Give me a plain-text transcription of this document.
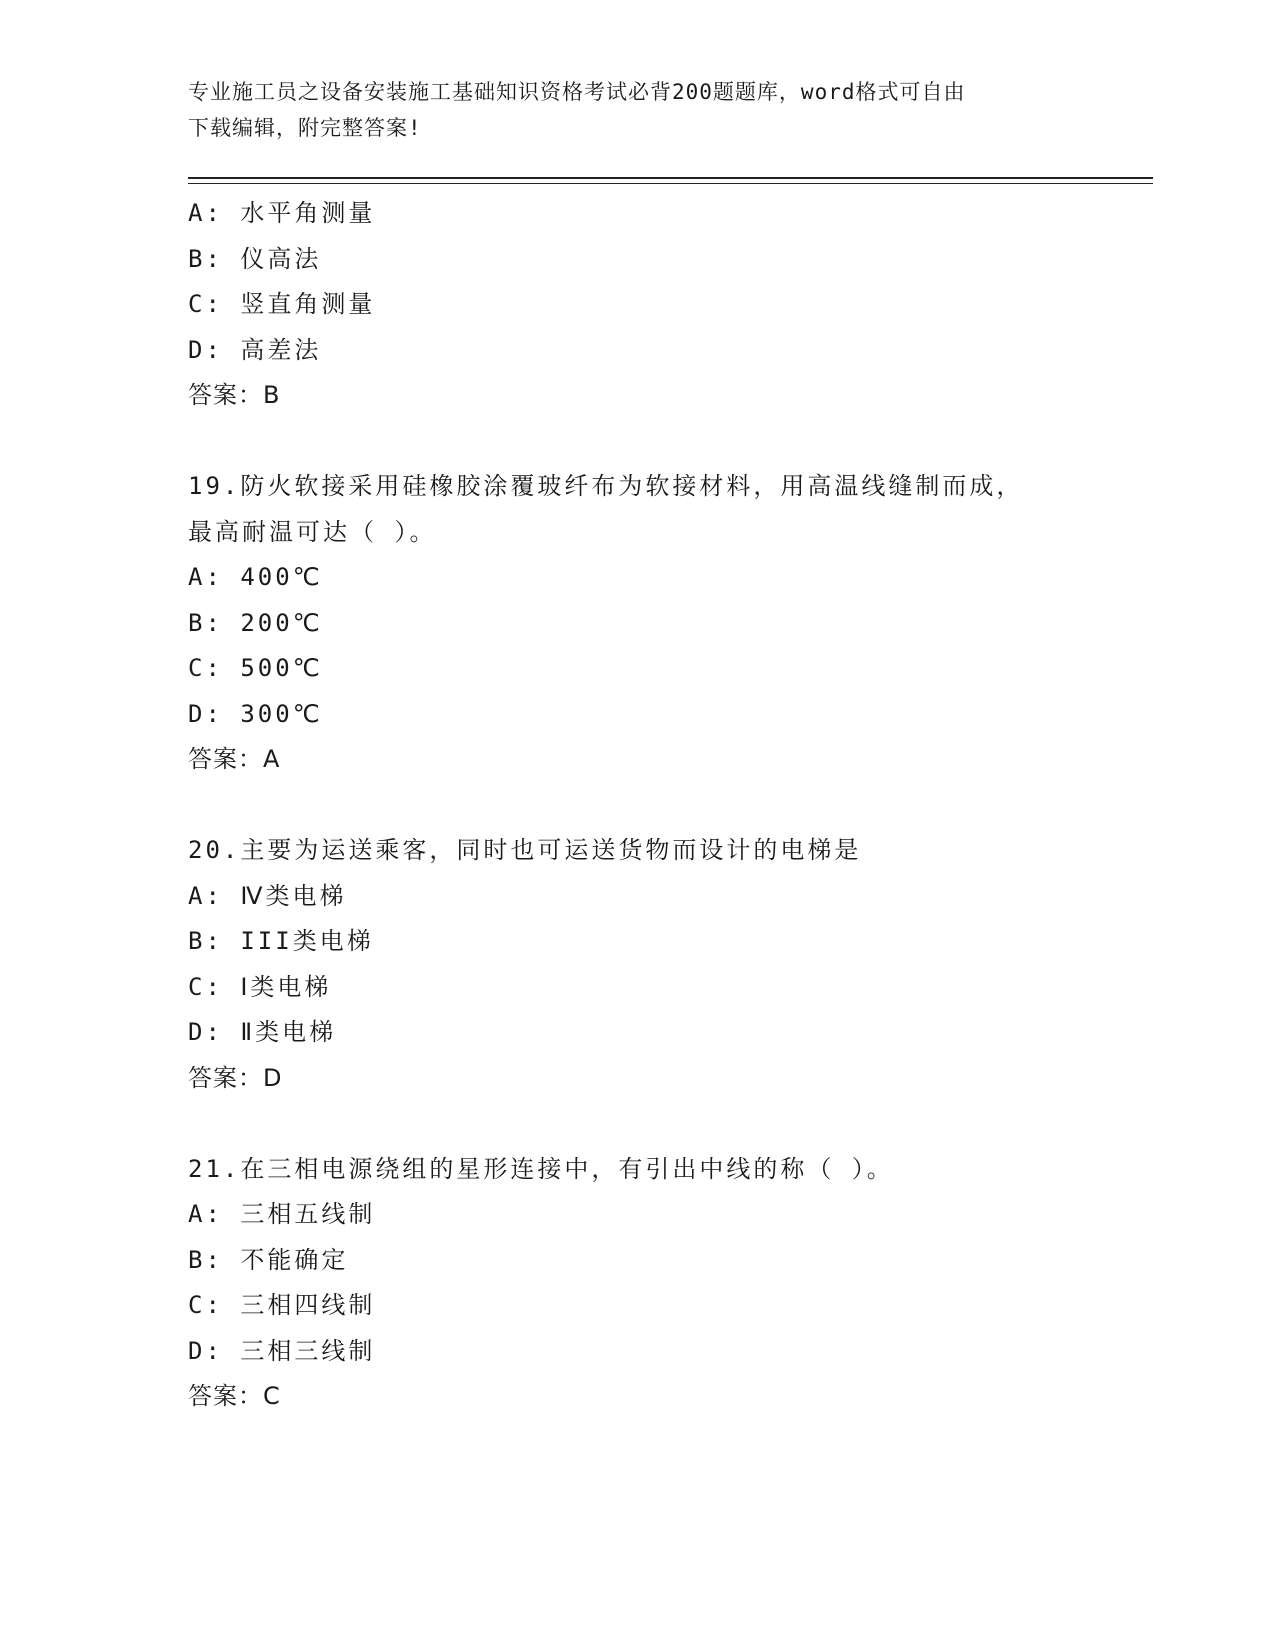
专业施工员之设备安装施工基础知识资格考试必背200题题库，word格式可自由
下载编辑，附完整答案!
A: 水平角测量
B: 仪高法
C: 竖直角测量
D: 高差法
答案：B
19.防火软接采用硅橡胶涂覆玻纤布为软接材料，用高温线缝制而成，
最高耐温可达（ ）。
A: 400℃
B: 200℃
C: 500℃
D: 300℃
答案：A
20.主要为运送乘客，同时也可运送货物而设计的电梯是
A: Ⅳ类电梯
B: III类电梯
C: Ⅰ类电梯
D: Ⅱ类电梯
答案：D
21.在三相电源绕组的星形连接中，有引出中线的称（ ）。
A: 三相五线制
B: 不能确定
C: 三相四线制
D: 三相三线制
答案：C
